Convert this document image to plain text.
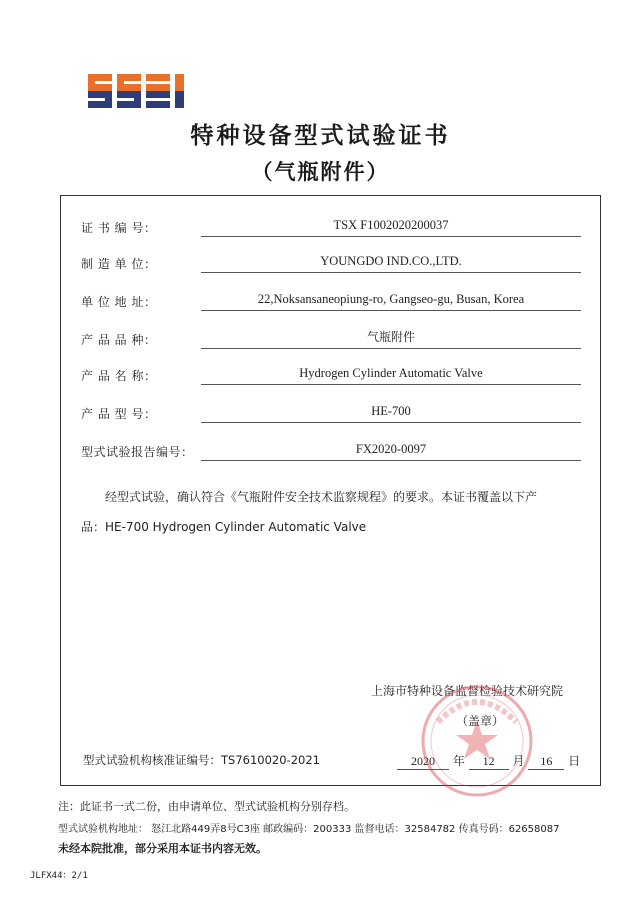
特种设备型式试验证书
（气瓶附件）
证 书 编 号：	TSX F1002020200037
制 造 单 位：	YOUNGDO IND.CO.,LTD.
单 位 地 址：	22,Noksansaneopiung-ro, Gangseo-gu, Busan, Korea
产 品 品 种：	气瓶附件
产 品 名 称：	Hydrogen Cylinder Automatic Valve
产 品 型 号：	HE-700
型式试验报告编号：	FX2020-0097
经型式试验，确认符合《气瓶附件安全技术监察规程》的要求。本证书覆盖以下产
品：HE-700 Hydrogen Cylinder Automatic Valve
上海市特种设备监督检验技术研究院
（盖章）
型式试验机构核准证编号：TS7610020-2021	2020 年 12 月 16 日
注：此证书一式二份，由申请单位、型式试验机构分别存档。
型式试验机构地址： 怒江北路449弄8号C3座 邮政编码：200333 监督电话：32584782 传真号码：62658087
未经本院批准，部分采用本证书内容无效。
JLFX44：2/1
